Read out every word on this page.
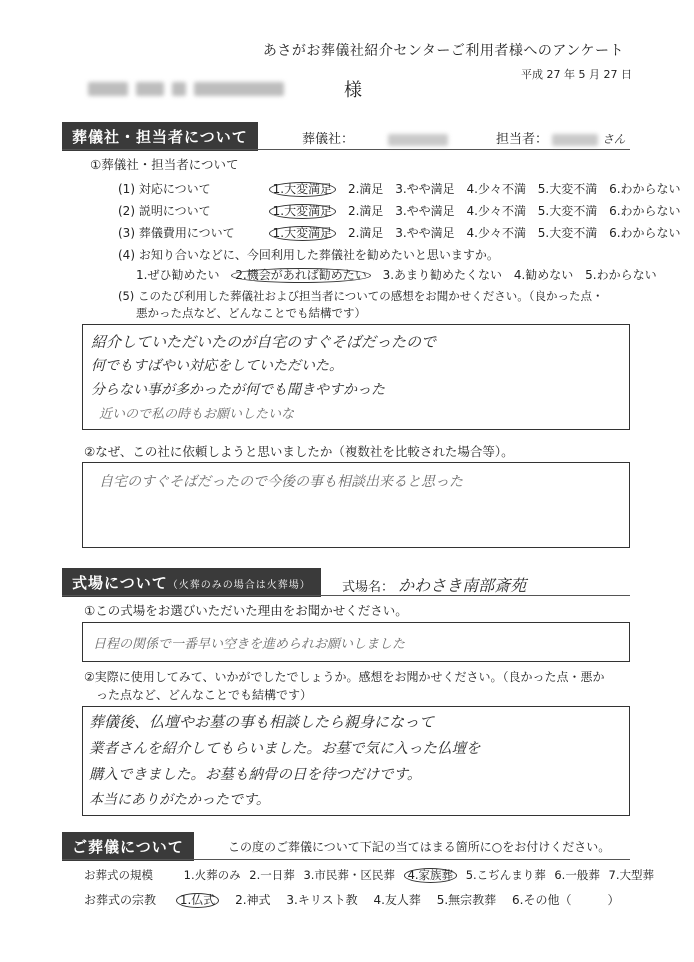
あさがお葬儀社紹介センターご利用者様へのアンケート
平成 27 年 5 月 27 日
様
葬儀社・担当者について	葬儀社：	担当者：	さん
①葬儀社・担当者について
(1) 対応について	1.大変満足 2.満足 3.やや満足 4.少々不満 5.大変不満 6.わからない
(2) 説明について	1.大変満足 2.満足 3.やや満足 4.少々不満 5.大変不満 6.わからない
(3) 葬儀費用について	1.大変満足 2.満足 3.やや満足 4.少々不満 5.大変不満 6.わからない
(4) お知り合いなどに、今回利用した葬儀社を勧めたいと思いますか。
1.ぜひ勧めたい 2.機会があれば勧めたい 3.あまり勧めたくない 4.勧めない 5.わからない
(5) このたび利用した葬儀社および担当者についての感想をお聞かせください。（良かった点・
悪かった点など、どんなことでも結構です）
紹介していただいたのが自宅のすぐそばだったので
何でもすばやい対応をしていただいた。
分らない事が多かったが何でも聞きやすかった
近いので私の時もお願いしたいな
②なぜ、この社に依頼しようと思いましたか（複数社を比較された場合等）。
自宅のすぐそばだったので今後の事も相談出来ると思った
式場について（火葬のみの場合は火葬場）	式場名： かわさき南部斎苑
①この式場をお選びいただいた理由をお聞かせください。
日程の関係で一番早い空きを進められお願いしました
②実際に使用してみて、いかがでしたでしょうか。感想をお聞かせください。（良かった点・悪か
った点など、どんなことでも結構です）
葬儀後、仏壇やお墓の事も相談したら親身になって
業者さんを紹介してもらいました。お墓で気に入った仏壇を
購入できました。お墓も納骨の日を待つだけです。
本当にありがたかったです。
ご葬儀について	この度のご葬儀について下記の当てはまる箇所に○をお付けください。
お葬式の規模	1.火葬のみ 2.一日葬 3.市民葬・区民葬 4.家族葬 5.こぢんまり葬 6.一般葬 7.大型葬
お葬式の宗教 1.仏式 2.神式 3.キリスト教 4.友人葬 5.無宗教葬 6.その他（　　　）
